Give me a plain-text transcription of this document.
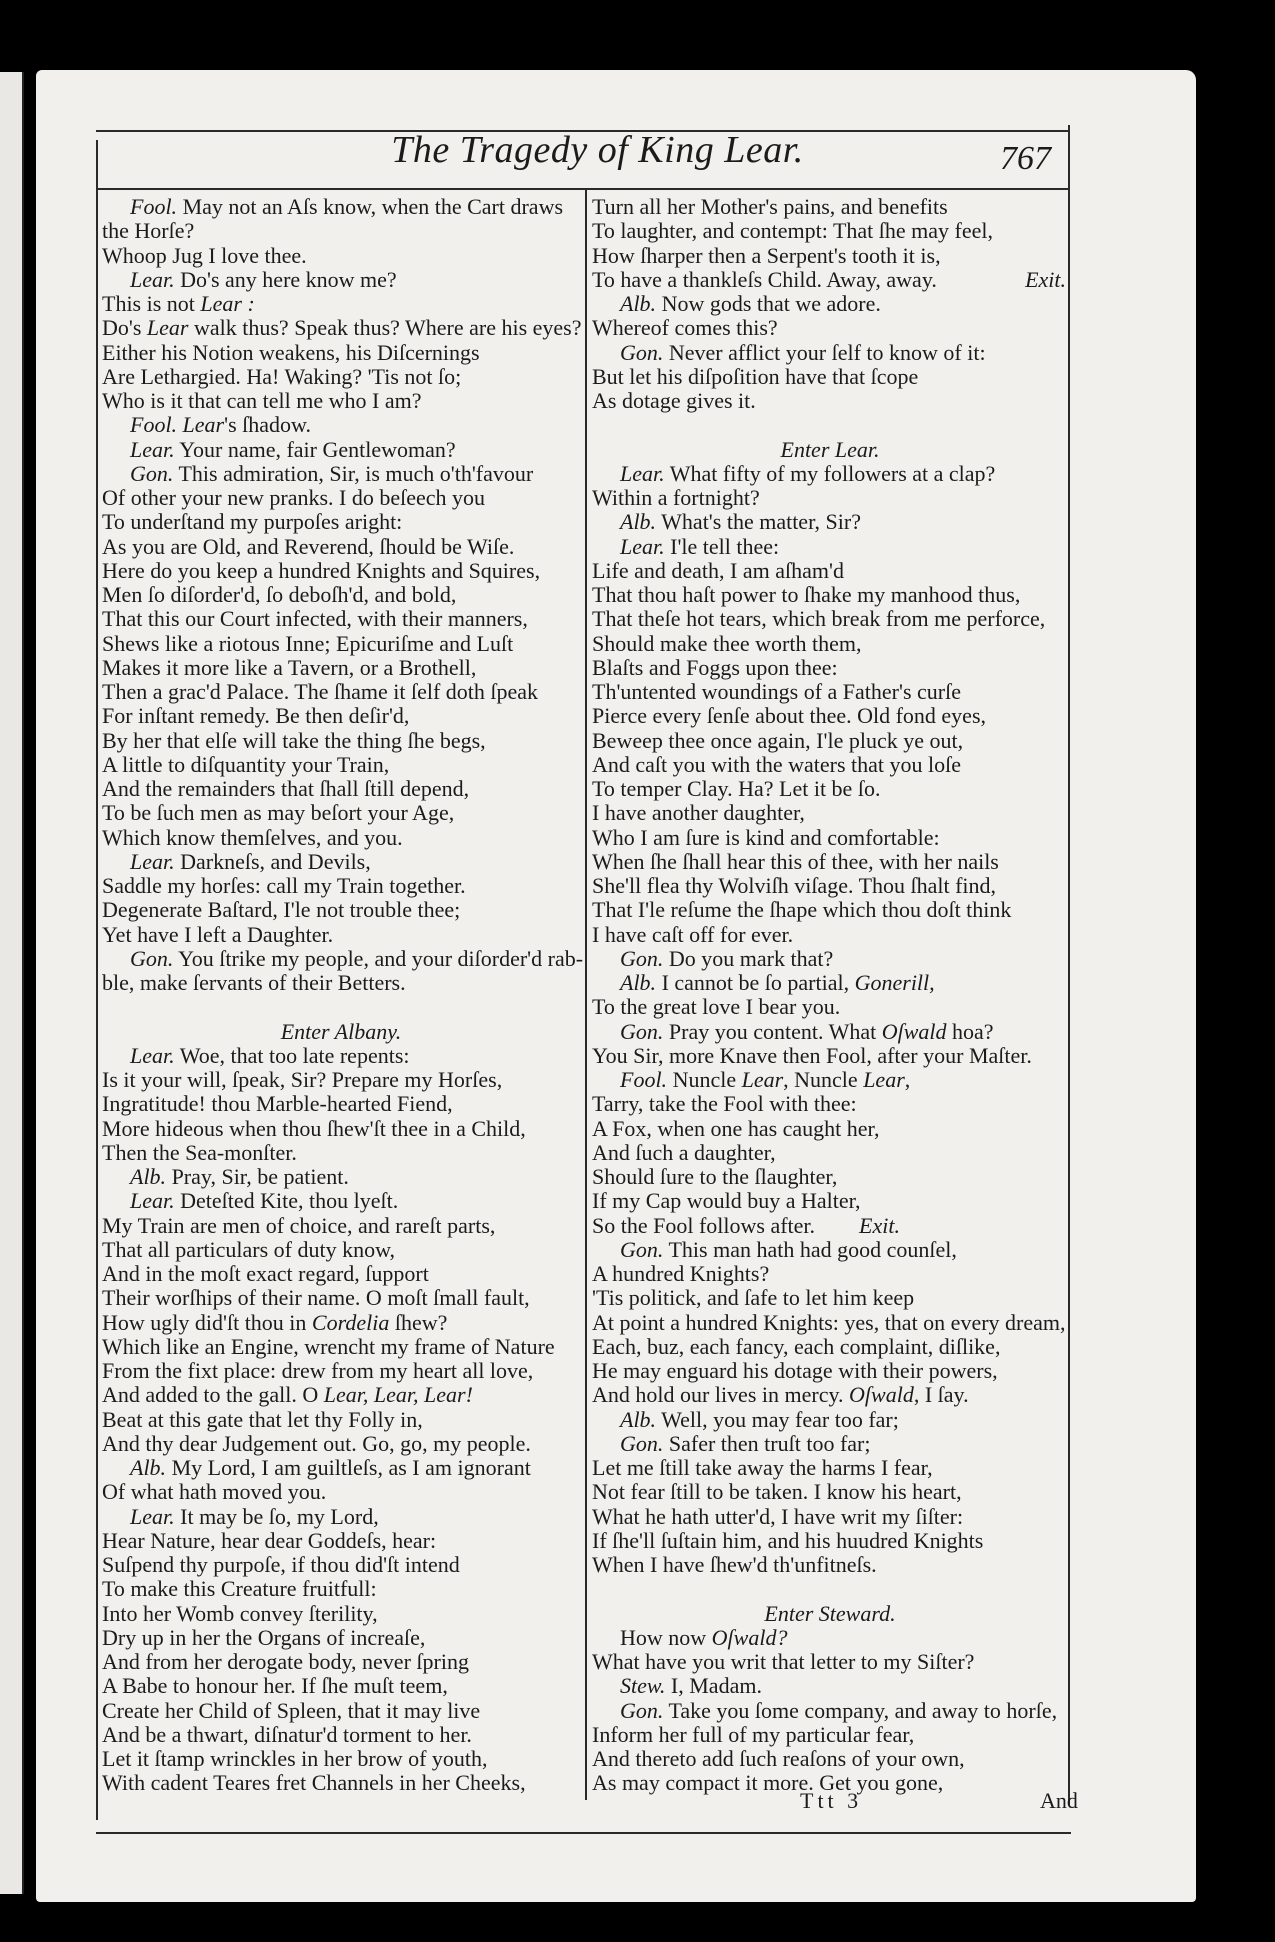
The Tragedy of King Lear.	767
Fool. May not an Aſs know, when the Cart draws
the Horſe?
Whoop Jug I love thee.
Lear. Do's any here know me?
This is not Lear :
Do's Lear walk thus? Speak thus? Where are his eyes?
Either his Notion weakens, his Diſcernings
Are Lethargied. Ha! Waking? 'Tis not ſo;
Who is it that can tell me who I am?
Fool. Lear's ſhadow.
Lear. Your name, fair Gentlewoman?
Gon. This admiration, Sir, is much o'th'favour
Of other your new pranks. I do beſeech you
To underſtand my purpoſes aright:
As you are Old, and Reverend, ſhould be Wiſe.
Here do you keep a hundred Knights and Squires,
Men ſo diſorder'd, ſo deboſh'd, and bold,
That this our Court infected, with their manners,
Shews like a riotous Inne; Epicuriſme and Luſt
Makes it more like a Tavern, or a Brothell,
Then a grac'd Palace. The ſhame it ſelf doth ſpeak
For inſtant remedy. Be then deſir'd,
By her that elſe will take the thing ſhe begs,
A little to diſquantity your Train,
And the remainders that ſhall ſtill depend,
To be ſuch men as may beſort your Age,
Which know themſelves, and you.
Lear. Darkneſs, and Devils,
Saddle my horſes: call my Train together.
Degenerate Baſtard, I'le not trouble thee;
Yet have I left a Daughter.
Gon. You ſtrike my people, and your diſorder'd rab-
ble, make ſervants of their Betters.
Enter Albany.
Lear. Woe, that too late repents:
Is it your will, ſpeak, Sir? Prepare my Horſes,
Ingratitude! thou Marble-hearted Fiend,
More hideous when thou ſhew'ſt thee in a Child,
Then the Sea-monſter.
Alb. Pray, Sir, be patient.
Lear. Deteſted Kite, thou lyeſt.
My Train are men of choice, and rareſt parts,
That all particulars of duty know,
And in the moſt exact regard, ſupport
Their worſhips of their name. O moſt ſmall fault,
How ugly did'ſt thou in Cordelia ſhew?
Which like an Engine, wrencht my frame of Nature
From the fixt place: drew from my heart all love,
And added to the gall. O Lear, Lear, Lear!
Beat at this gate that let thy Folly in,
And thy dear Judgement out. Go, go, my people.
Alb. My Lord, I am guiltleſs, as I am ignorant
Of what hath moved you.
Lear. It may be ſo, my Lord,
Hear Nature, hear dear Goddeſs, hear:
Suſpend thy purpoſe, if thou did'ſt intend
To make this Creature fruitfull:
Into her Womb convey ſterility,
Dry up in her the Organs of increaſe,
And from her derogate body, never ſpring
A Babe to honour her. If ſhe muſt teem,
Create her Child of Spleen, that it may live
And be a thwart, diſnatur'd torment to her.
Let it ſtamp wrinckles in her brow of youth,
With cadent Teares fret Channels in her Cheeks,
Turn all her Mother's pains, and benefits
To laughter, and contempt: That ſhe may feel,
How ſharper then a Serpent's tooth it is,
To have a thankleſs Child. Away, away.	Exit.
Alb. Now gods that we adore.
Whereof comes this?
Gon. Never afflict your ſelf to know of it:
But let his diſpoſition have that ſcope
As dotage gives it.
Enter Lear.
Lear. What fifty of my followers at a clap?
Within a fortnight?
Alb. What's the matter, Sir?
Lear. I'le tell thee:
Life and death, I am aſham'd
That thou haſt power to ſhake my manhood thus,
That theſe hot tears, which break from me perforce,
Should make thee worth them,
Blaſts and Foggs upon thee:
Th'untented woundings of a Father's curſe
Pierce every ſenſe about thee. Old fond eyes,
Beweep thee once again, I'le pluck ye out,
And caſt you with the waters that you loſe
To temper Clay. Ha? Let it be ſo.
I have another daughter,
Who I am ſure is kind and comfortable:
When ſhe ſhall hear this of thee, with her nails
She'll flea thy Wolviſh viſage. Thou ſhalt find,
That I'le reſume the ſhape which thou doſt think
I have caſt off for ever.
Gon. Do you mark that?
Alb. I cannot be ſo partial, Gonerill,
To the great love I bear you.
Gon. Pray you content. What Oſwald hoa?
You Sir, more Knave then Fool, after your Maſter.
Fool. Nuncle Lear, Nuncle Lear,
Tarry, take the Fool with thee:
A Fox, when one has caught her,
And ſuch a daughter,
Should ſure to the ſlaughter,
If my Cap would buy a Halter,
So the Fool follows after.        Exit.
Gon. This man hath had good counſel,
A hundred Knights?
'Tis politick, and ſafe to let him keep
At point a hundred Knights: yes, that on every dream,
Each, buz, each fancy, each complaint, diſlike,
He may enguard his dotage with their powers,
And hold our lives in mercy. Oſwald, I ſay.
Alb. Well, you may fear too far;
Gon. Safer then truſt too far;
Let me ſtill take away the harms I fear,
Not fear ſtill to be taken. I know his heart,
What he hath utter'd, I have writ my ſiſter:
If ſhe'll ſuſtain him, and his huudred Knights
When I have ſhew'd th'unfitneſs.
Enter Steward.
How now Oſwald?
What have you writ that letter to my Siſter?
Stew. I, Madam.
Gon. Take you ſome company, and away to horſe,
Inform her full of my particular fear,
And thereto add ſuch reaſons of your own,
As may compact it more. Get you gone,
Ttt 3	And
